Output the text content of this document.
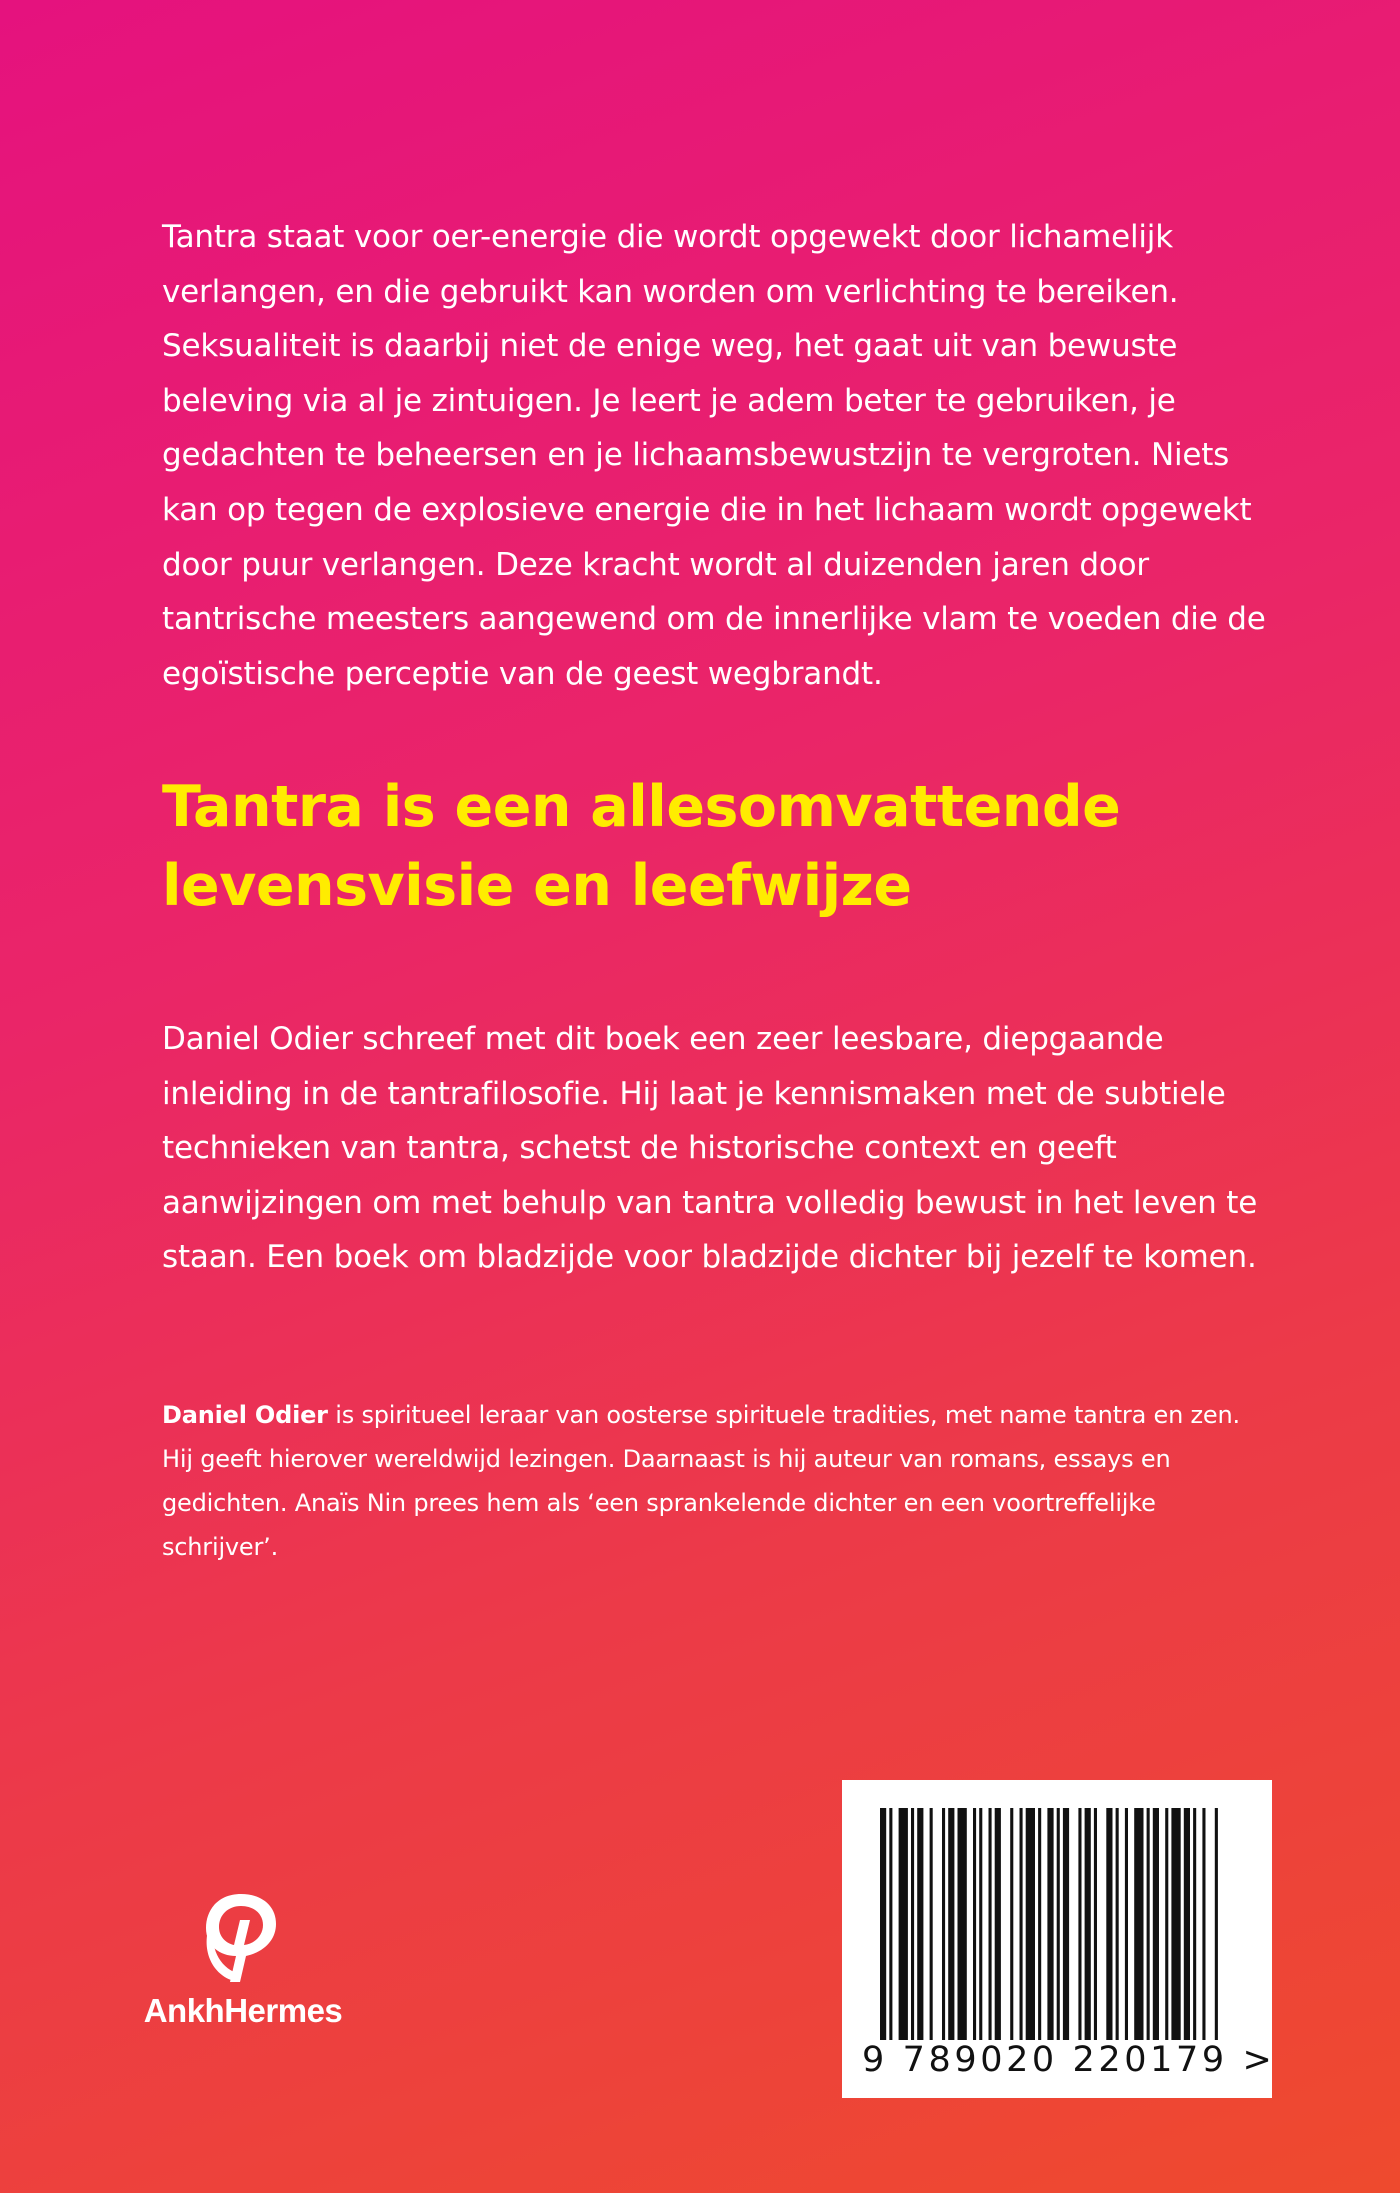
Tantra staat voor oer-energie die wordt opgewekt door lichamelijk verlangen, en die gebruikt kan worden om verlichting te bereiken. Seksualiteit is daarbij niet de enige weg, het gaat uit van bewuste beleving via al je zintuigen. Je leert je adem beter te gebruiken, je gedachten te beheersen en je lichaamsbewustzijn te vergroten. Niets kan op tegen de explosieve energie die in het lichaam wordt opgewekt door puur verlangen. Deze kracht wordt al duizenden jaren door tantrische meesters aangewend om de innerlijke vlam te voeden die de egoïstische perceptie van de geest wegbrandt.

Tantra is een allesomvattende
levensvisie en leefwijze

Daniel Odier schreef met dit boek een zeer leesbare, diepgaande inleiding in de tantrafilosofie. Hij laat je kennismaken met de subtiele technieken van tantra, schetst de historische context en geeft aanwijzingen om met behulp van tantra volledig bewust in het leven te staan. Een boek om bladzijde voor bladzijde dichter bij jezelf te komen.

Daniel Odier is spiritueel leraar van oosterse spirituele tradities, met name tantra en zen. Hij geeft hierover wereldwijd lezingen. Daarnaast is hij auteur van romans, essays en gedichten. Anaïs Nin prees hem als ‘een sprankelende dichter en een voortreffelijke schrijver’.

AnkhHermes
9 789020 220179 >
